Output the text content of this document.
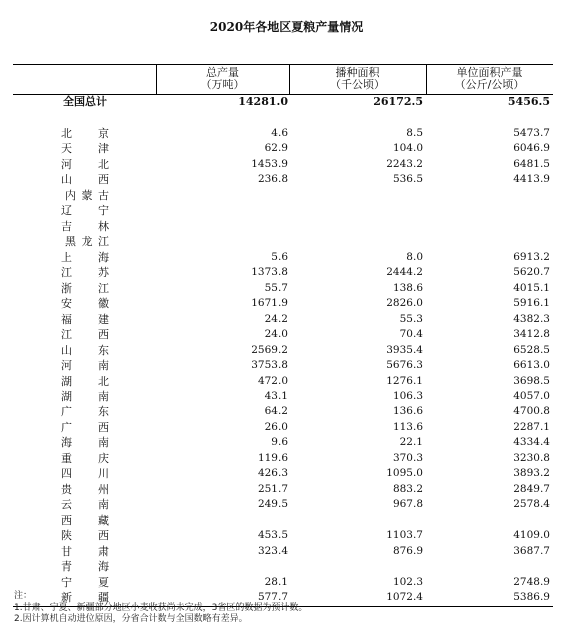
2020年各地区夏粮产量情况
总产量
（万吨）
播种面积
（千公顷）
单位面积产量
（公斤/公顷）
全国总计	14281.0	26172.5	5456.5
北 京	4.6	8.5	5473.7
天 津	62.9	104.0	6046.9
河 北	1453.9	2243.2	6481.5
山 西	236.8	536.5	4413.9
内 蒙 古
辽 宁
吉 林
黑 龙 江
上 海	5.6	8.0	6913.2
江 苏	1373.8	2444.2	5620.7
浙 江	55.7	138.6	4015.1
安 徽	1671.9	2826.0	5916.1
福 建	24.2	55.3	4382.3
江 西	24.0	70.4	3412.8
山 东	2569.2	3935.4	6528.5
河 南	3753.8	5676.3	6613.0
湖 北	472.0	1276.1	3698.5
湖 南	43.1	106.3	4057.0
广 东	64.2	136.6	4700.8
广 西	26.0	113.6	2287.1
海 南	9.6	22.1	4334.4
重 庆	119.6	370.3	3230.8
四 川	426.3	1095.0	3893.2
贵 州	251.7	883.2	2849.7
云 南	249.5	967.8	2578.4
西 藏
陕 西	453.5	1103.7	4109.0
甘 肃	323.4	876.9	3687.7
青 海
宁 夏	28.1	102.3	2748.9
新 疆	577.7	1072.4	5386.9
注：
1.甘肃、宁夏、新疆部分地区小麦收获尚未完成，3省区的数据为预计数。
2.因计算机自动进位原因，分省合计数与全国数略有差异。
